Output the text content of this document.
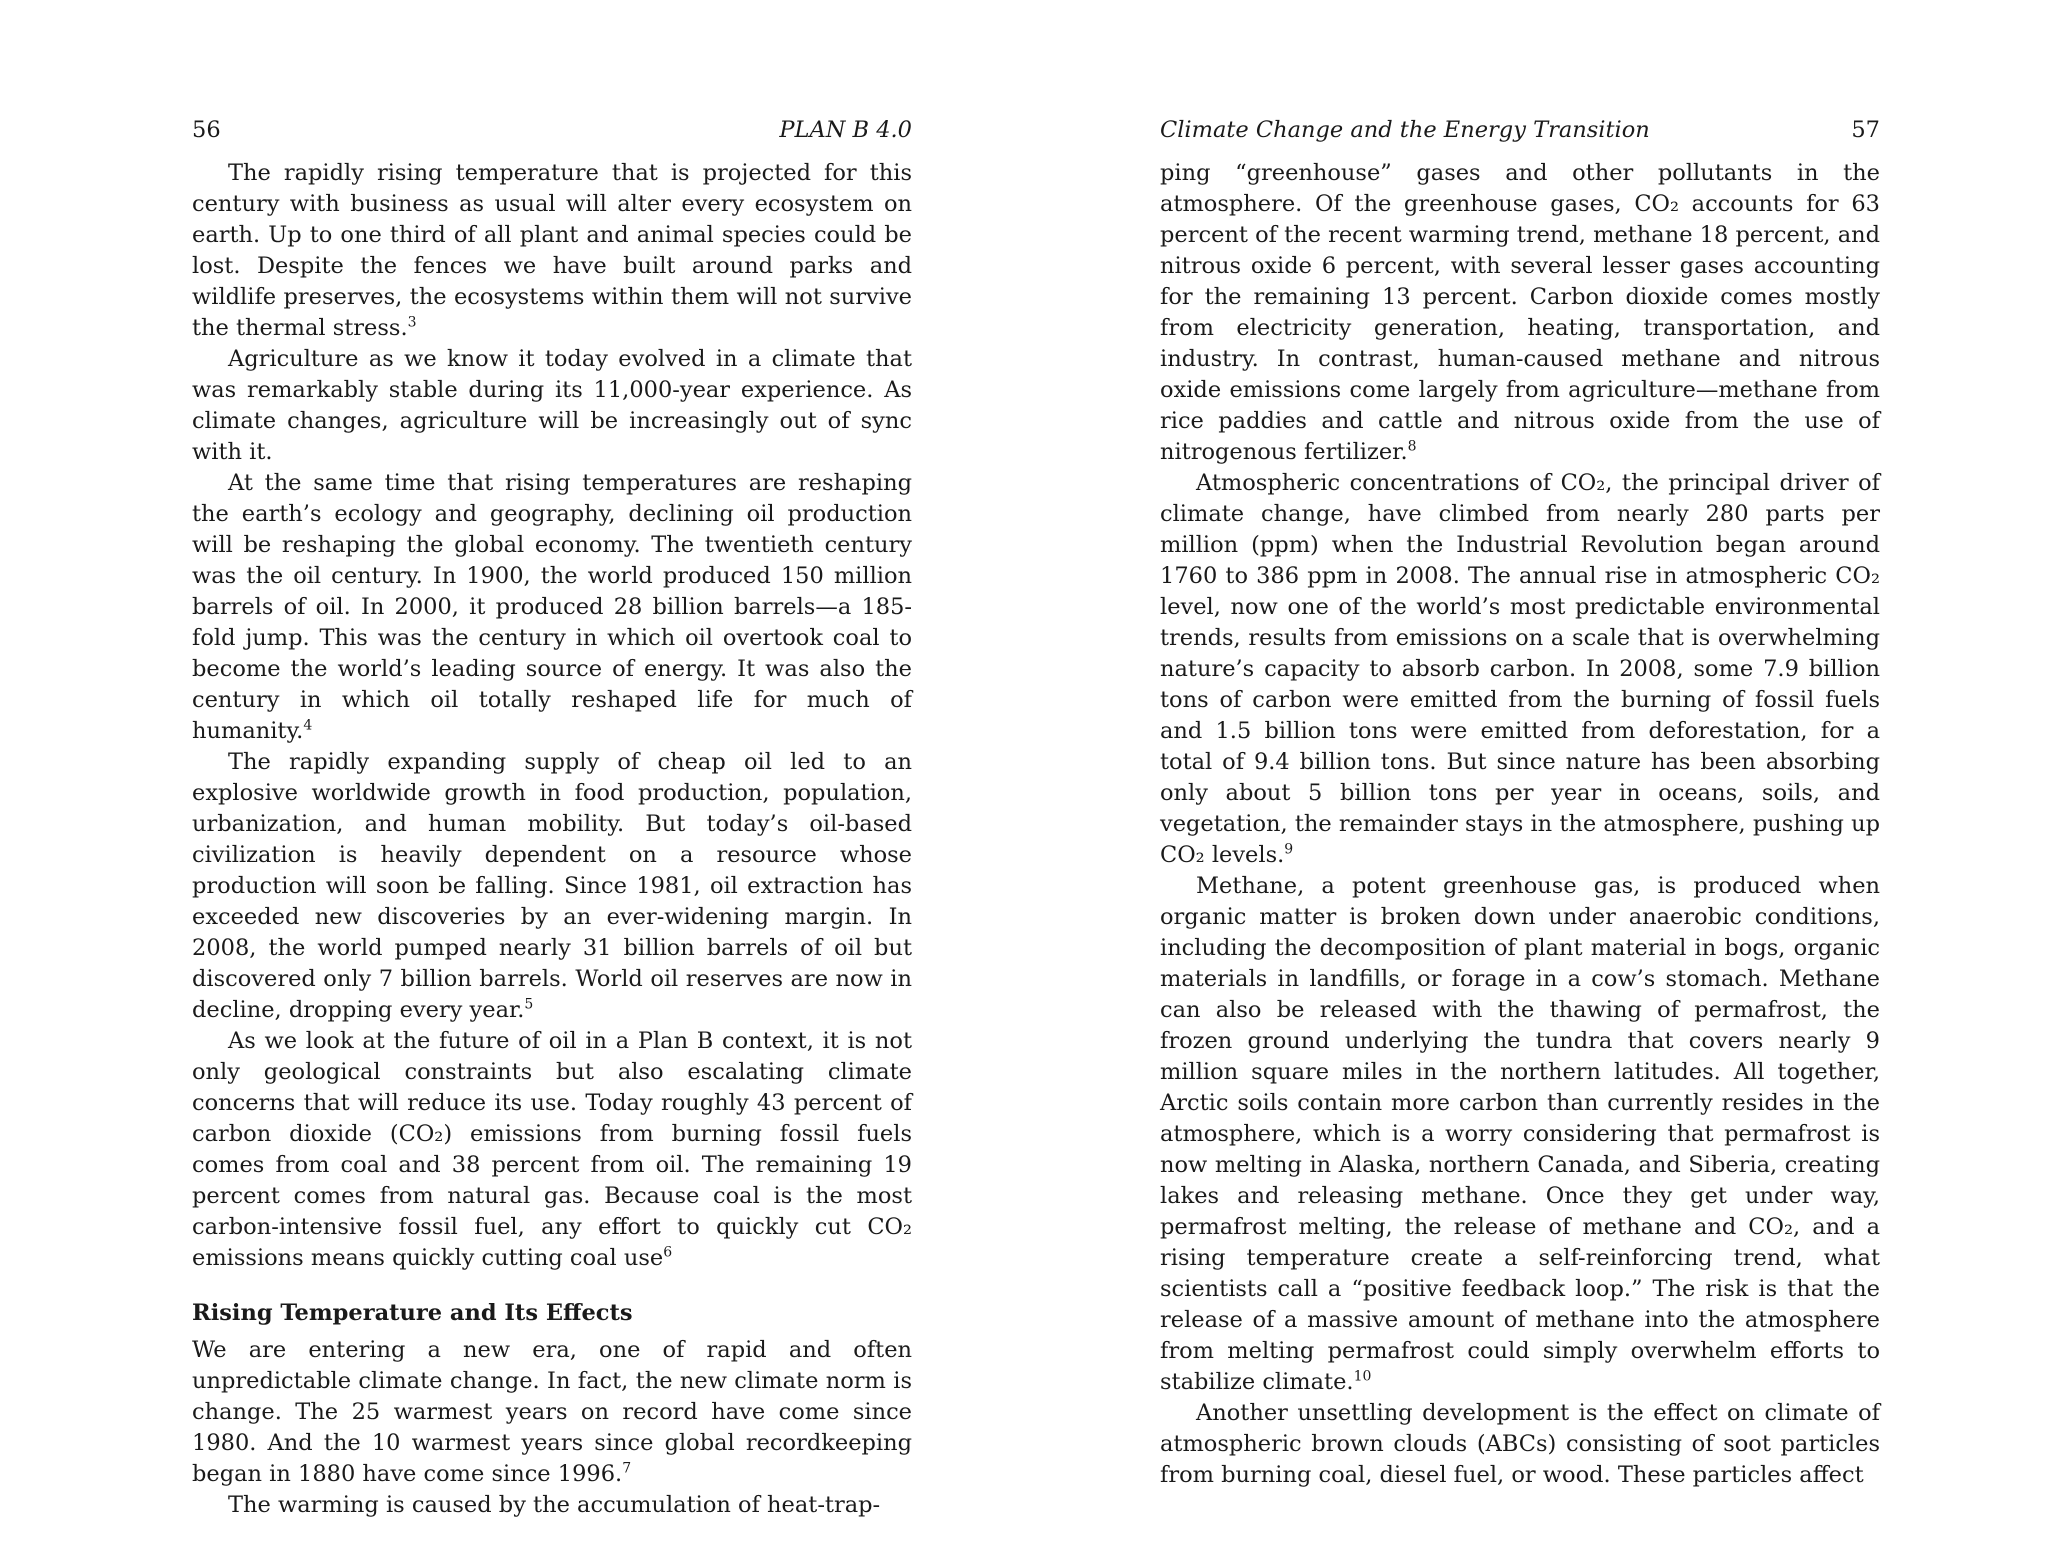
56	PLAN B 4.0

The rapidly rising temperature that is projected for this century with business as usual will alter every ecosystem on earth. Up to one third of all plant and animal species could be lost. Despite the fences we have built around parks and wildlife preserves, the ecosystems within them will not survive the thermal stress.$^3$

Agriculture as we know it today evolved in a climate that was remarkably stable during its 11,000-year experience. As climate changes, agriculture will be increasingly out of sync with it.

At the same time that rising temperatures are reshaping the earth’s ecology and geography, declining oil production will be reshaping the global economy. The twentieth century was the oil century. In 1900, the world produced 150 million barrels of oil. In 2000, it produced 28 billion barrels—a 185-fold jump. This was the century in which oil overtook coal to become the world’s leading source of energy. It was also the century in which oil totally reshaped life for much of humanity.$^4$

The rapidly expanding supply of cheap oil led to an explosive worldwide growth in food production, population, urbanization, and human mobility. But today’s oil-based civilization is heavily dependent on a resource whose production will soon be falling. Since 1981, oil extraction has exceeded new discoveries by an ever-widening margin. In 2008, the world pumped nearly 31 billion barrels of oil but discovered only 7 billion barrels. World oil reserves are now in decline, dropping every year.$^5$

As we look at the future of oil in a Plan B context, it is not only geological constraints but also escalating climate concerns that will reduce its use. Today roughly 43 percent of carbon dioxide (CO₂) emissions from burning fossil fuels comes from coal and 38 percent from oil. The remaining 19 percent comes from natural gas. Because coal is the most carbon-intensive fossil fuel, any effort to quickly cut CO₂ emissions means quickly cutting coal use$^6$

Rising Temperature and Its Effects

We are entering a new era, one of rapid and often unpredictable climate change. In fact, the new climate norm is change. The 25 warmest years on record have come since 1980. And the 10 warmest years since global recordkeeping began in 1880 have come since 1996.$^7$

The warming is caused by the accumulation of heat-trap-

Climate Change and the Energy Transition	57

ping “greenhouse” gases and other pollutants in the atmosphere. Of the greenhouse gases, CO₂ accounts for 63 percent of the recent warming trend, methane 18 percent, and nitrous oxide 6 percent, with several lesser gases accounting for the remaining 13 percent. Carbon dioxide comes mostly from electricity generation, heating, transportation, and industry. In contrast, human-caused methane and nitrous oxide emissions come largely from agriculture—methane from rice paddies and cattle and nitrous oxide from the use of nitrogenous fertilizer.$^8$

Atmospheric concentrations of CO₂, the principal driver of climate change, have climbed from nearly 280 parts per million (ppm) when the Industrial Revolution began around 1760 to 386 ppm in 2008. The annual rise in atmospheric CO₂ level, now one of the world’s most predictable environmental trends, results from emissions on a scale that is overwhelming nature’s capacity to absorb carbon. In 2008, some 7.9 billion tons of carbon were emitted from the burning of fossil fuels and 1.5 billion tons were emitted from deforestation, for a total of 9.4 billion tons. But since nature has been absorbing only about 5 billion tons per year in oceans, soils, and vegetation, the remainder stays in the atmosphere, pushing up CO₂ levels.$^9$

Methane, a potent greenhouse gas, is produced when organic matter is broken down under anaerobic conditions, including the decomposition of plant material in bogs, organic materials in landfills, or forage in a cow’s stomach. Methane can also be released with the thawing of permafrost, the frozen ground underlying the tundra that covers nearly 9 million square miles in the northern latitudes. All together, Arctic soils contain more carbon than currently resides in the atmosphere, which is a worry considering that permafrost is now melting in Alaska, northern Canada, and Siberia, creating lakes and releasing methane. Once they get under way, permafrost melting, the release of methane and CO₂, and a rising temperature create a self-reinforcing trend, what scientists call a “positive feedback loop.” The risk is that the release of a massive amount of methane into the atmosphere from melting permafrost could simply overwhelm efforts to stabilize climate.$^{10}$

Another unsettling development is the effect on climate of atmospheric brown clouds (ABCs) consisting of soot particles from burning coal, diesel fuel, or wood. These particles affect
